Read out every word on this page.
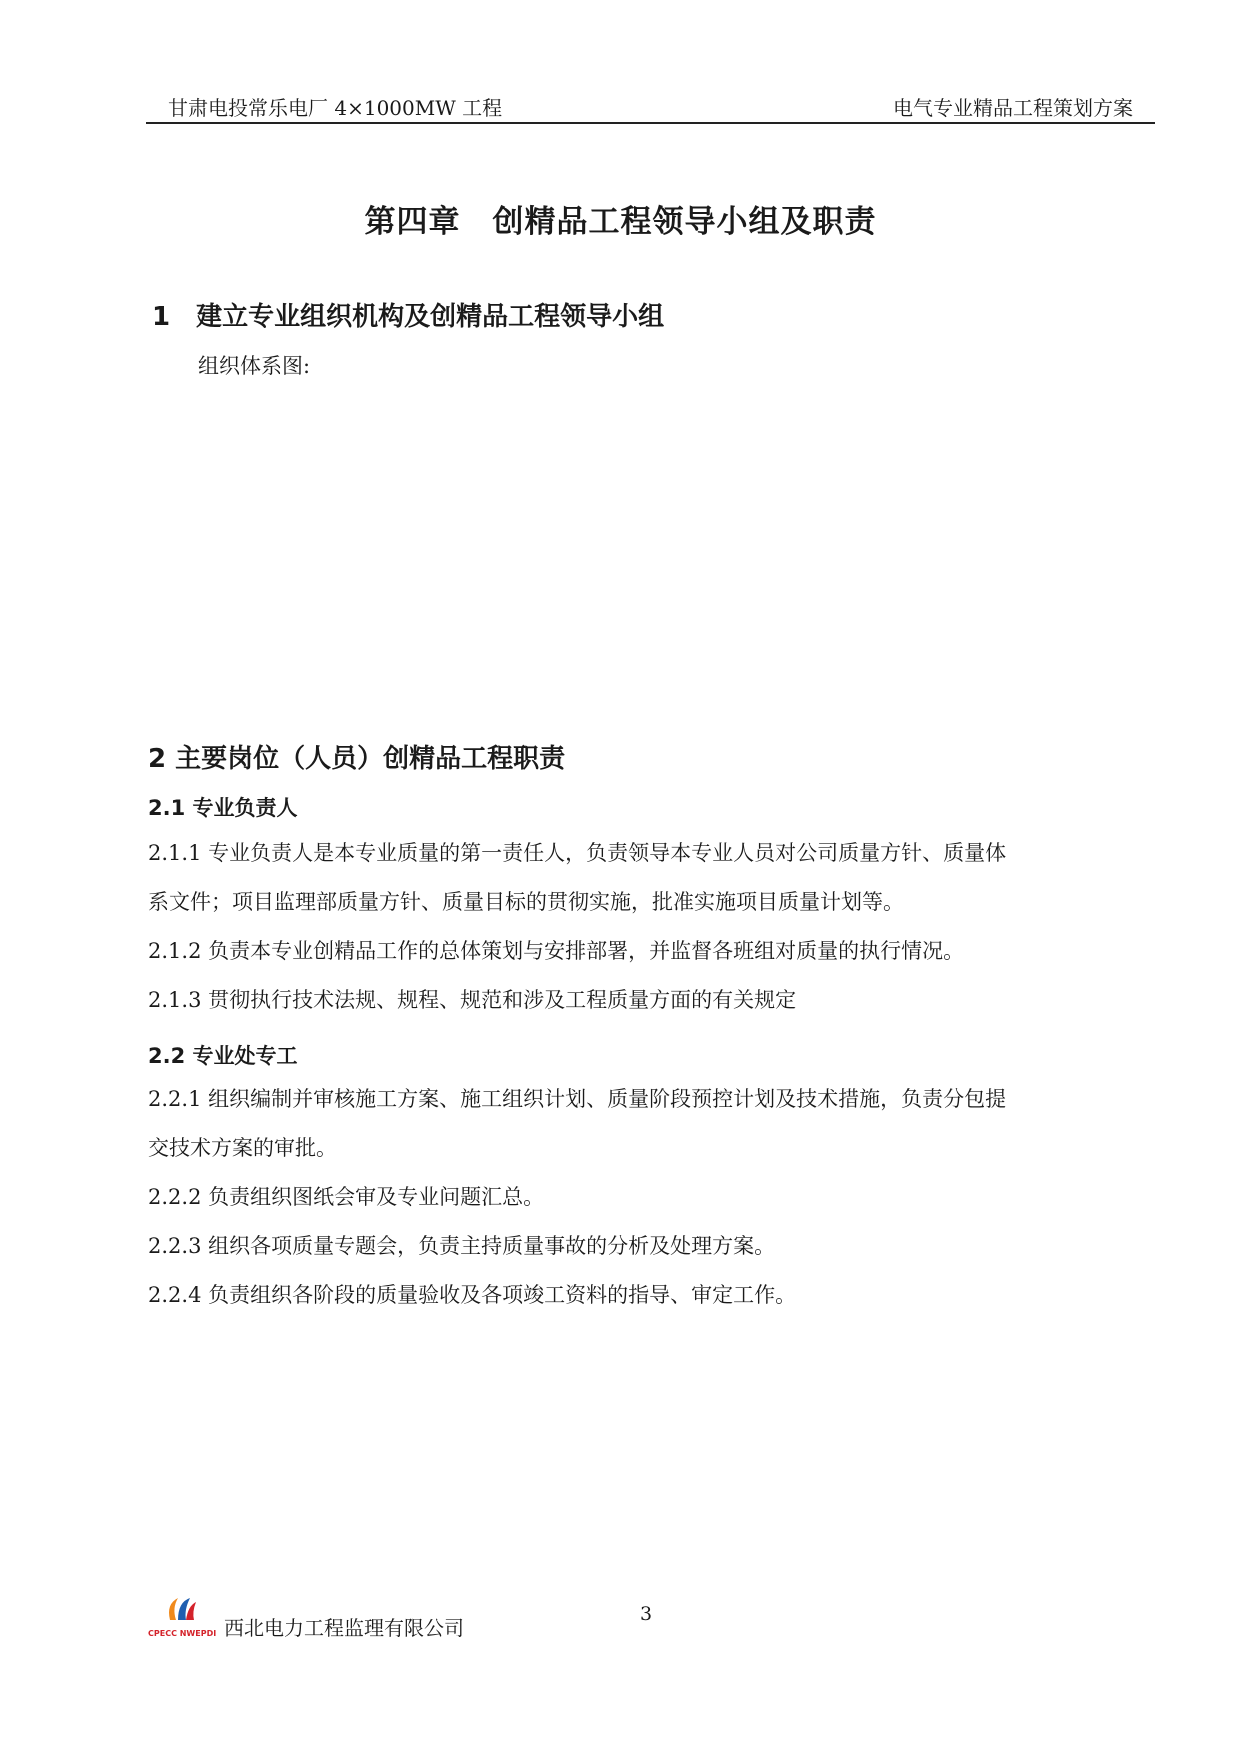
甘肃电投常乐电厂 4×1000MW 工程	电气专业精品工程策划方案
第四章　创精品工程领导小组及职责
1　建立专业组织机构及创精品工程领导小组
组织体系图:
2 主要岗位（人员）创精品工程职责
2.1 专业负责人
2.1.1 专业负责人是本专业质量的第一责任人，负责领导本专业人员对公司质量方针、质量体
系文件；项目监理部质量方针、质量目标的贯彻实施，批准实施项目质量计划等。
2.1.2 负责本专业创精品工作的总体策划与安排部署，并监督各班组对质量的执行情况。
2.1.3 贯彻执行技术法规、规程、规范和涉及工程质量方面的有关规定
2.2 专业处专工
2.2.1 组织编制并审核施工方案、施工组织计划、质量阶段预控计划及技术措施，负责分包提
交技术方案的审批。
2.2.2 负责组织图纸会审及专业问题汇总。
2.2.3 组织各项质量专题会，负责主持质量事故的分析及处理方案。
2.2.4 负责组织各阶段的质量验收及各项竣工资料的指导、审定工作。
CPECC NWEPDI 西北电力工程监理有限公司
3
